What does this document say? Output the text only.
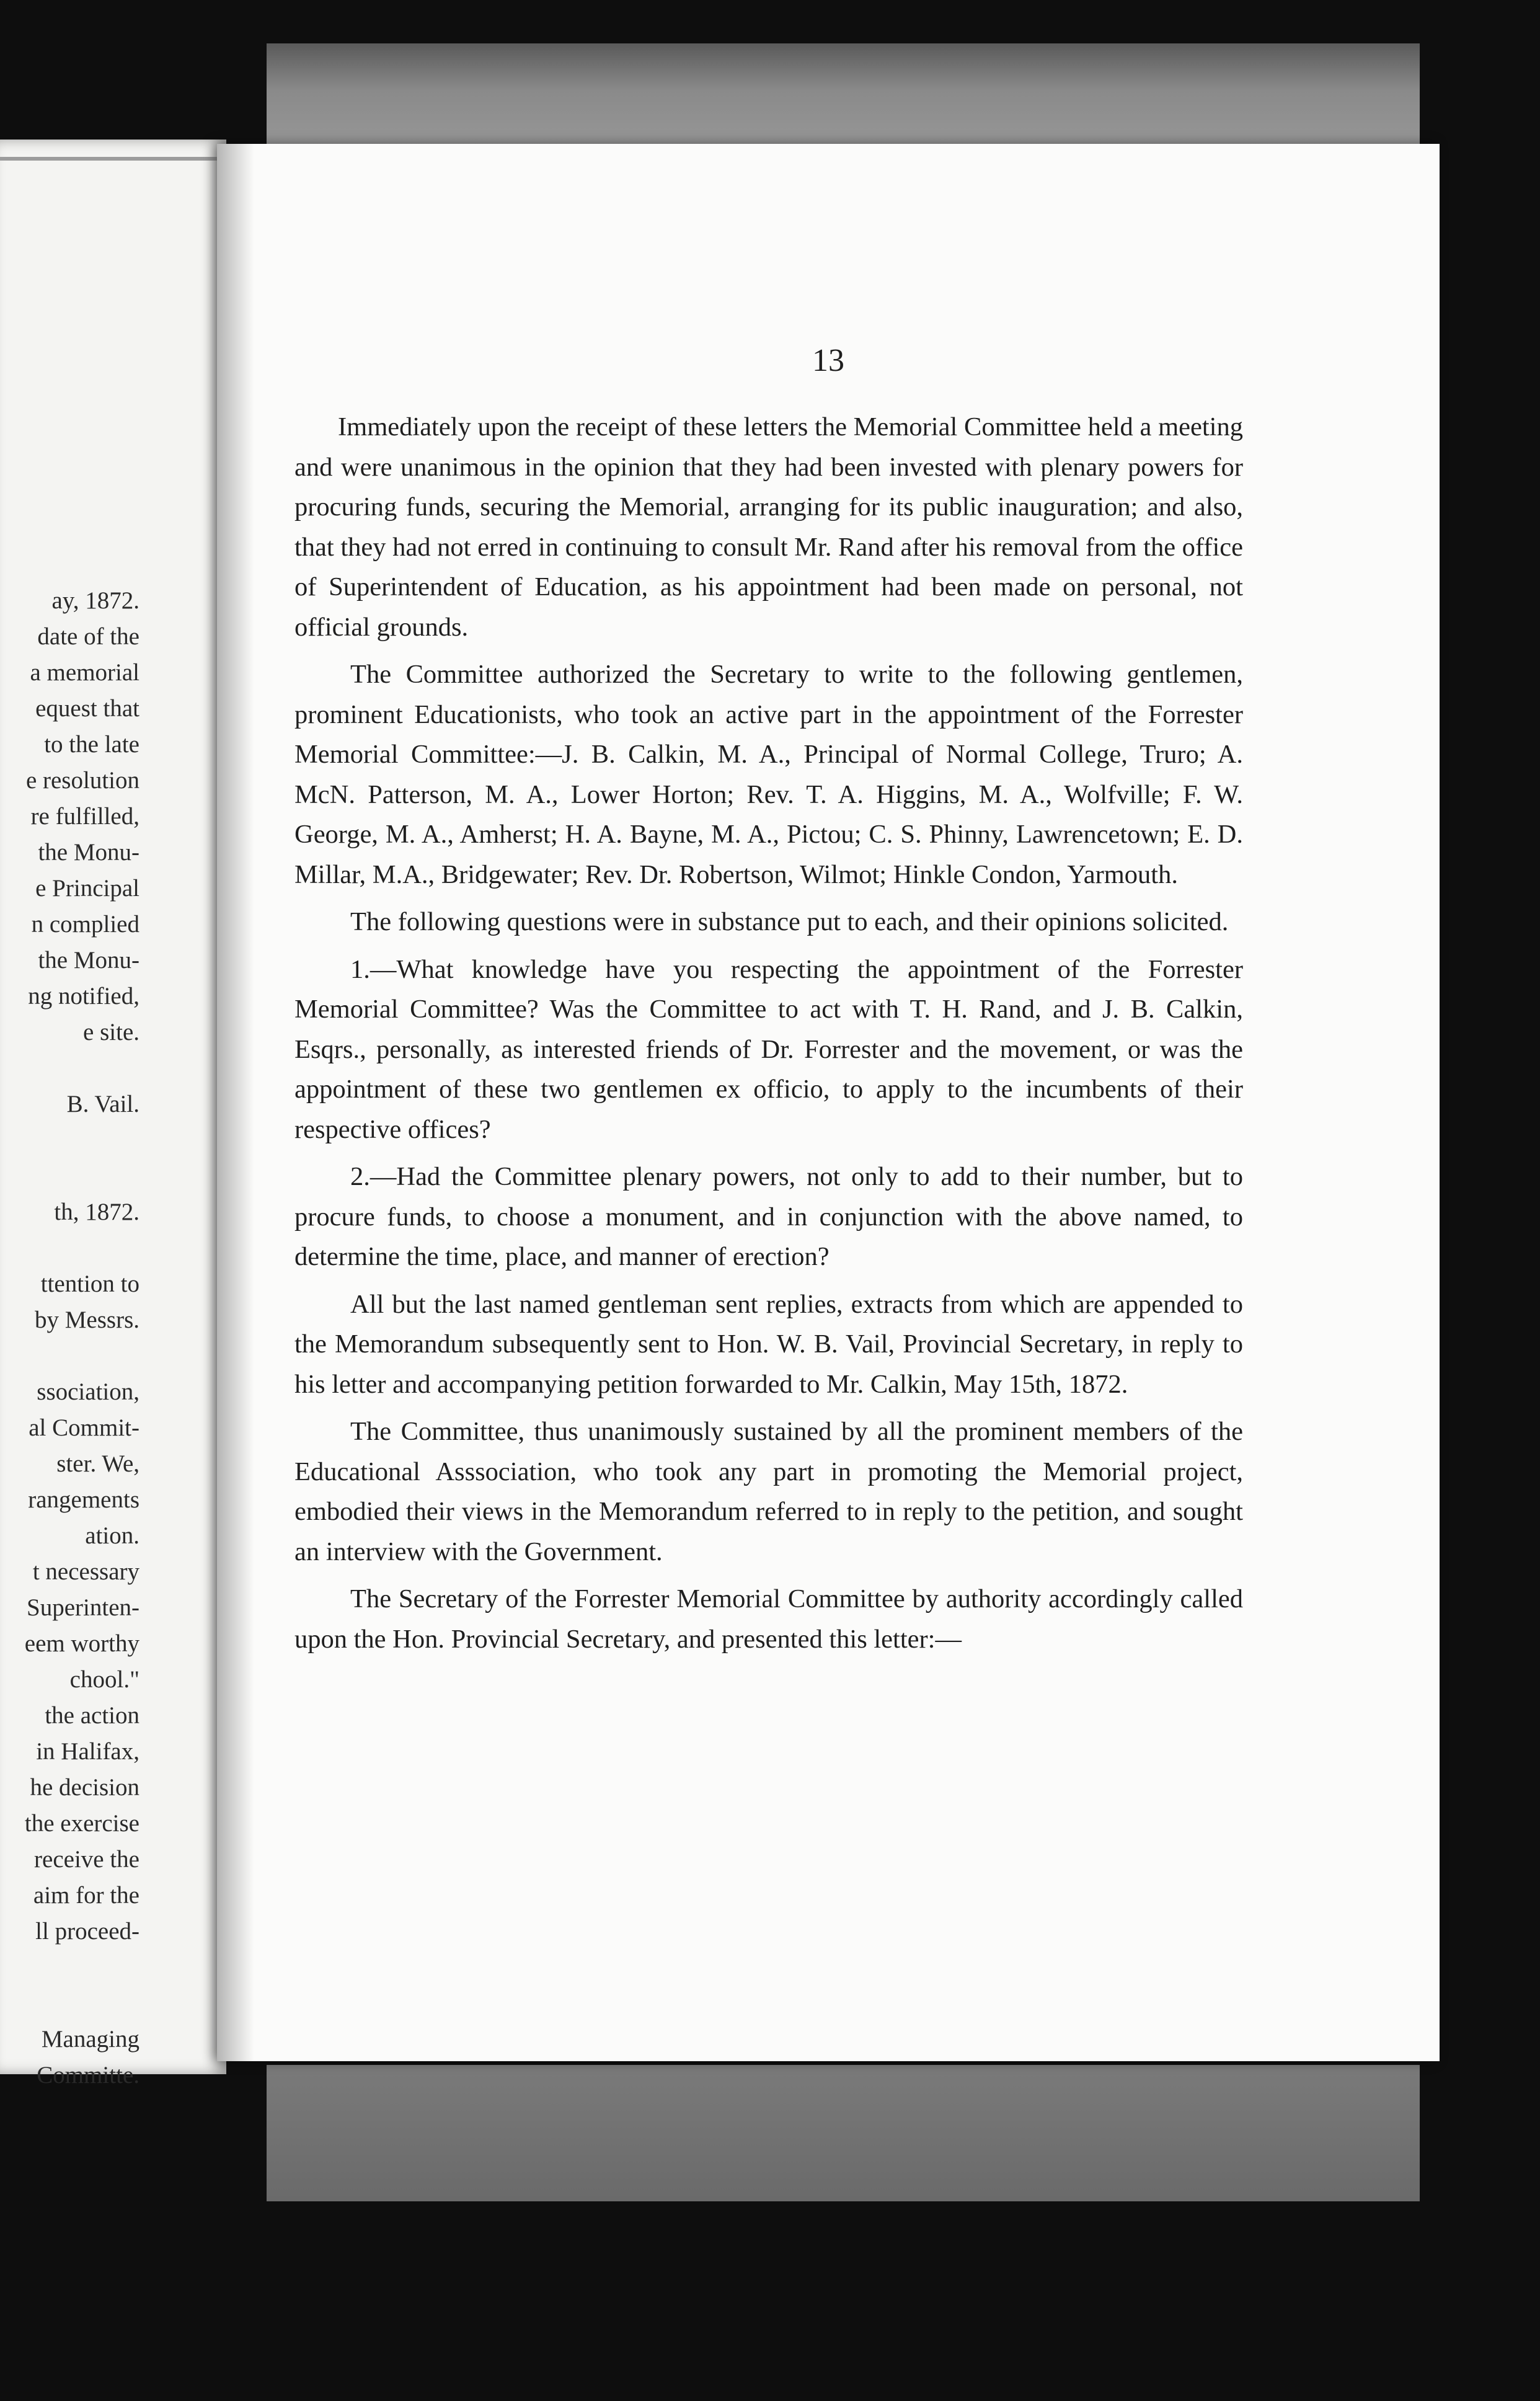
ay, 1872.
date of the
a memorial
equest that
to the late
e resolution
re fulfilled,
the Monu-
e Principal
n complied
the Monu-
ng notified,
e site.

B. Vail.

th, 1872.

ttention to
by Messrs.

ssociation,
al Commit-
ster. We,
rangements
ation.
t necessary
Superinten-
eem worthy
chool."
the action
in Halifax,
he decision
the exercise
receive the
aim for the
ll proceed-

Managing
Committe.
13

Immediately upon the receipt of these letters the Memorial Committee held a meeting and were unanimous in the opinion that they had been invested with plenary powers for procuring funds, securing the Memorial, arranging for its public inauguration; and also, that they had not erred in continuing to consult Mr. Rand after his removal from the office of Superintendent of Education, as his appointment had been made on personal, not official grounds.

The Committee authorized the Secretary to write to the following gentlemen, prominent Educationists, who took an active part in the appointment of the Forrester Memorial Committee:—J. B. Calkin, M. A., Principal of Normal College, Truro; A. McN. Patterson, M. A., Lower Horton; Rev. T. A. Higgins, M. A., Wolfville; F. W. George, M. A., Amherst; H. A. Bayne, M. A., Pictou; C. S. Phinny, Lawrencetown; E. D. Millar, M.A., Bridgewater; Rev. Dr. Robertson, Wilmot; Hinkle Condon, Yarmouth.

The following questions were in substance put to each, and their opinions solicited.

1.—What knowledge have you respecting the appointment of the Forrester Memorial Committee? Was the Committee to act with T. H. Rand, and J. B. Calkin, Esqrs., personally, as interested friends of Dr. Forrester and the movement, or was the appointment of these two gentlemen ex officio, to apply to the incumbents of their respective offices?

2.—Had the Committee plenary powers, not only to add to their number, but to procure funds, to choose a monument, and in conjunction with the above named, to determine the time, place, and manner of erection?

All but the last named gentleman sent replies, extracts from which are appended to the Memorandum subsequently sent to Hon. W. B. Vail, Provincial Secretary, in reply to his letter and accompanying petition forwarded to Mr. Calkin, May 15th, 1872.

The Committee, thus unanimously sustained by all the prominent members of the Educational Asssociation, who took any part in promoting the Memorial project, embodied their views in the Memorandum referred to in reply to the petition, and sought an interview with the Government.

The Secretary of the Forrester Memorial Committee by authority accordingly called upon the Hon. Provincial Secretary, and presented this letter:—
